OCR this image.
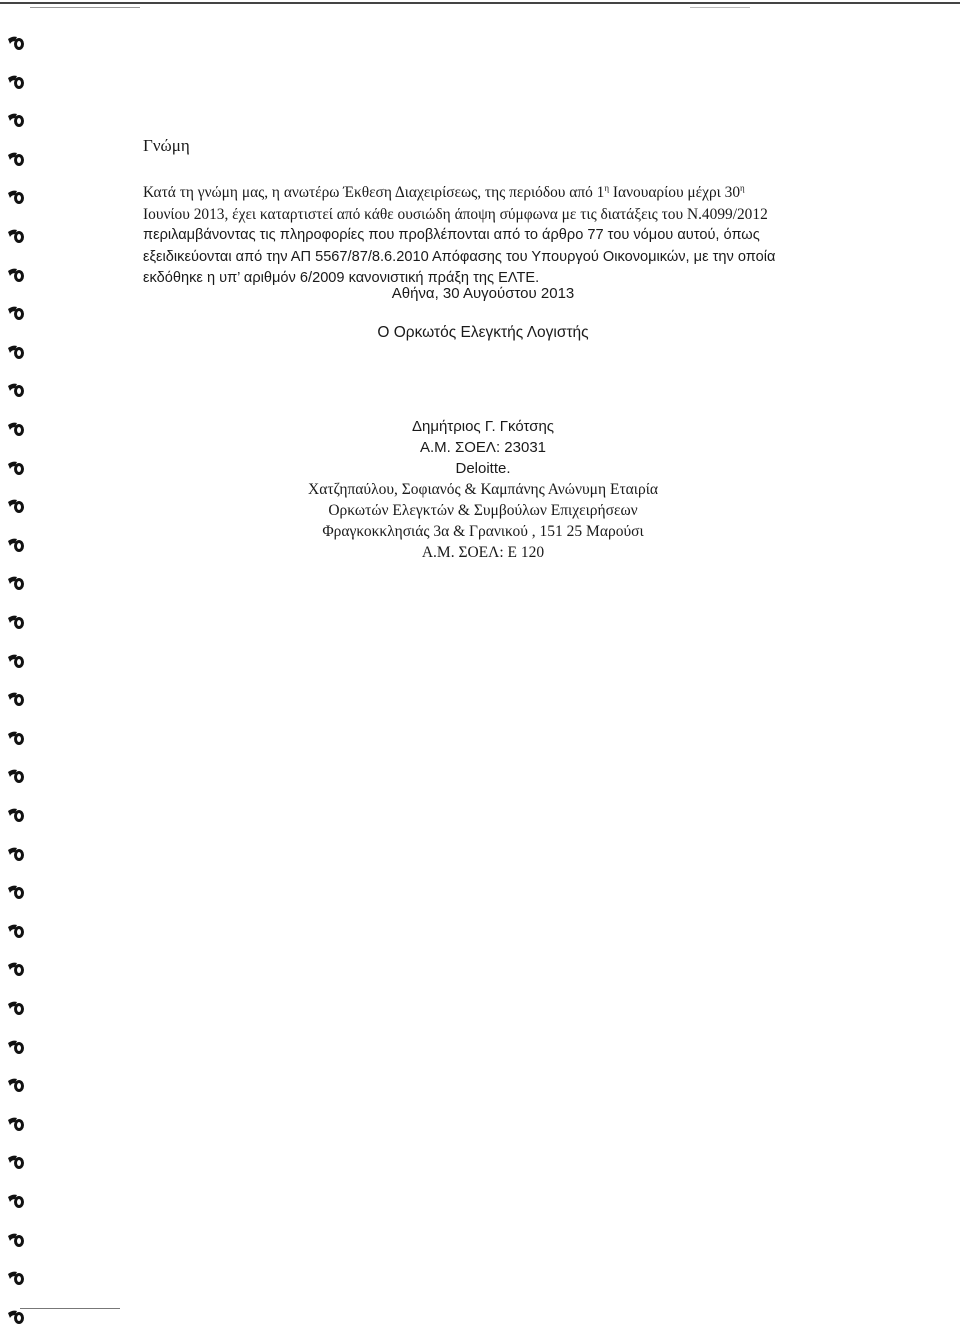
Γνώμη
Κατά τη γνώμη μας, η ανωτέρω Έκθεση Διαχειρίσεως, της περιόδου από $1^\eta$ Ιανουαρίου μέχρι $30^\eta$
Ιουνίου 2013, έχει καταρτιστεί από κάθε ουσιώδη άποψη σύμφωνα με τις διατάξεις του Ν.4099/2012
περιλαμβάνοντας τις πληροφορίες που προβλέπονται από το άρθρο 77 του νόμου αυτού, όπως
εξειδικεύονται από την ΑΠ 5567/87/8.6.2010 Απόφασης του Υπουργού Οικονομικών, με την οποία
εκδόθηκε η υπ’ αριθμόν 6/2009 κανονιστική πράξη της ΕΛΤΕ.
Αθήνα, 30 Αυγούστου 2013
Ο Ορκωτός Ελεγκτής Λογιστής
Δημήτριος Γ. Γκότσης
Α.Μ. ΣΟΕΛ: 23031
Deloitte.
Χατζηπαύλου, Σοφιανός & Καμπάνης Ανώνυμη Εταιρία
Ορκωτών Ελεγκτών & Συμβούλων Επιχειρήσεων
Φραγκοκκλησιάς 3α & Γρανικού , 151 25 Μαρούσι
Α.Μ. ΣΟΕΛ: Ε 120
